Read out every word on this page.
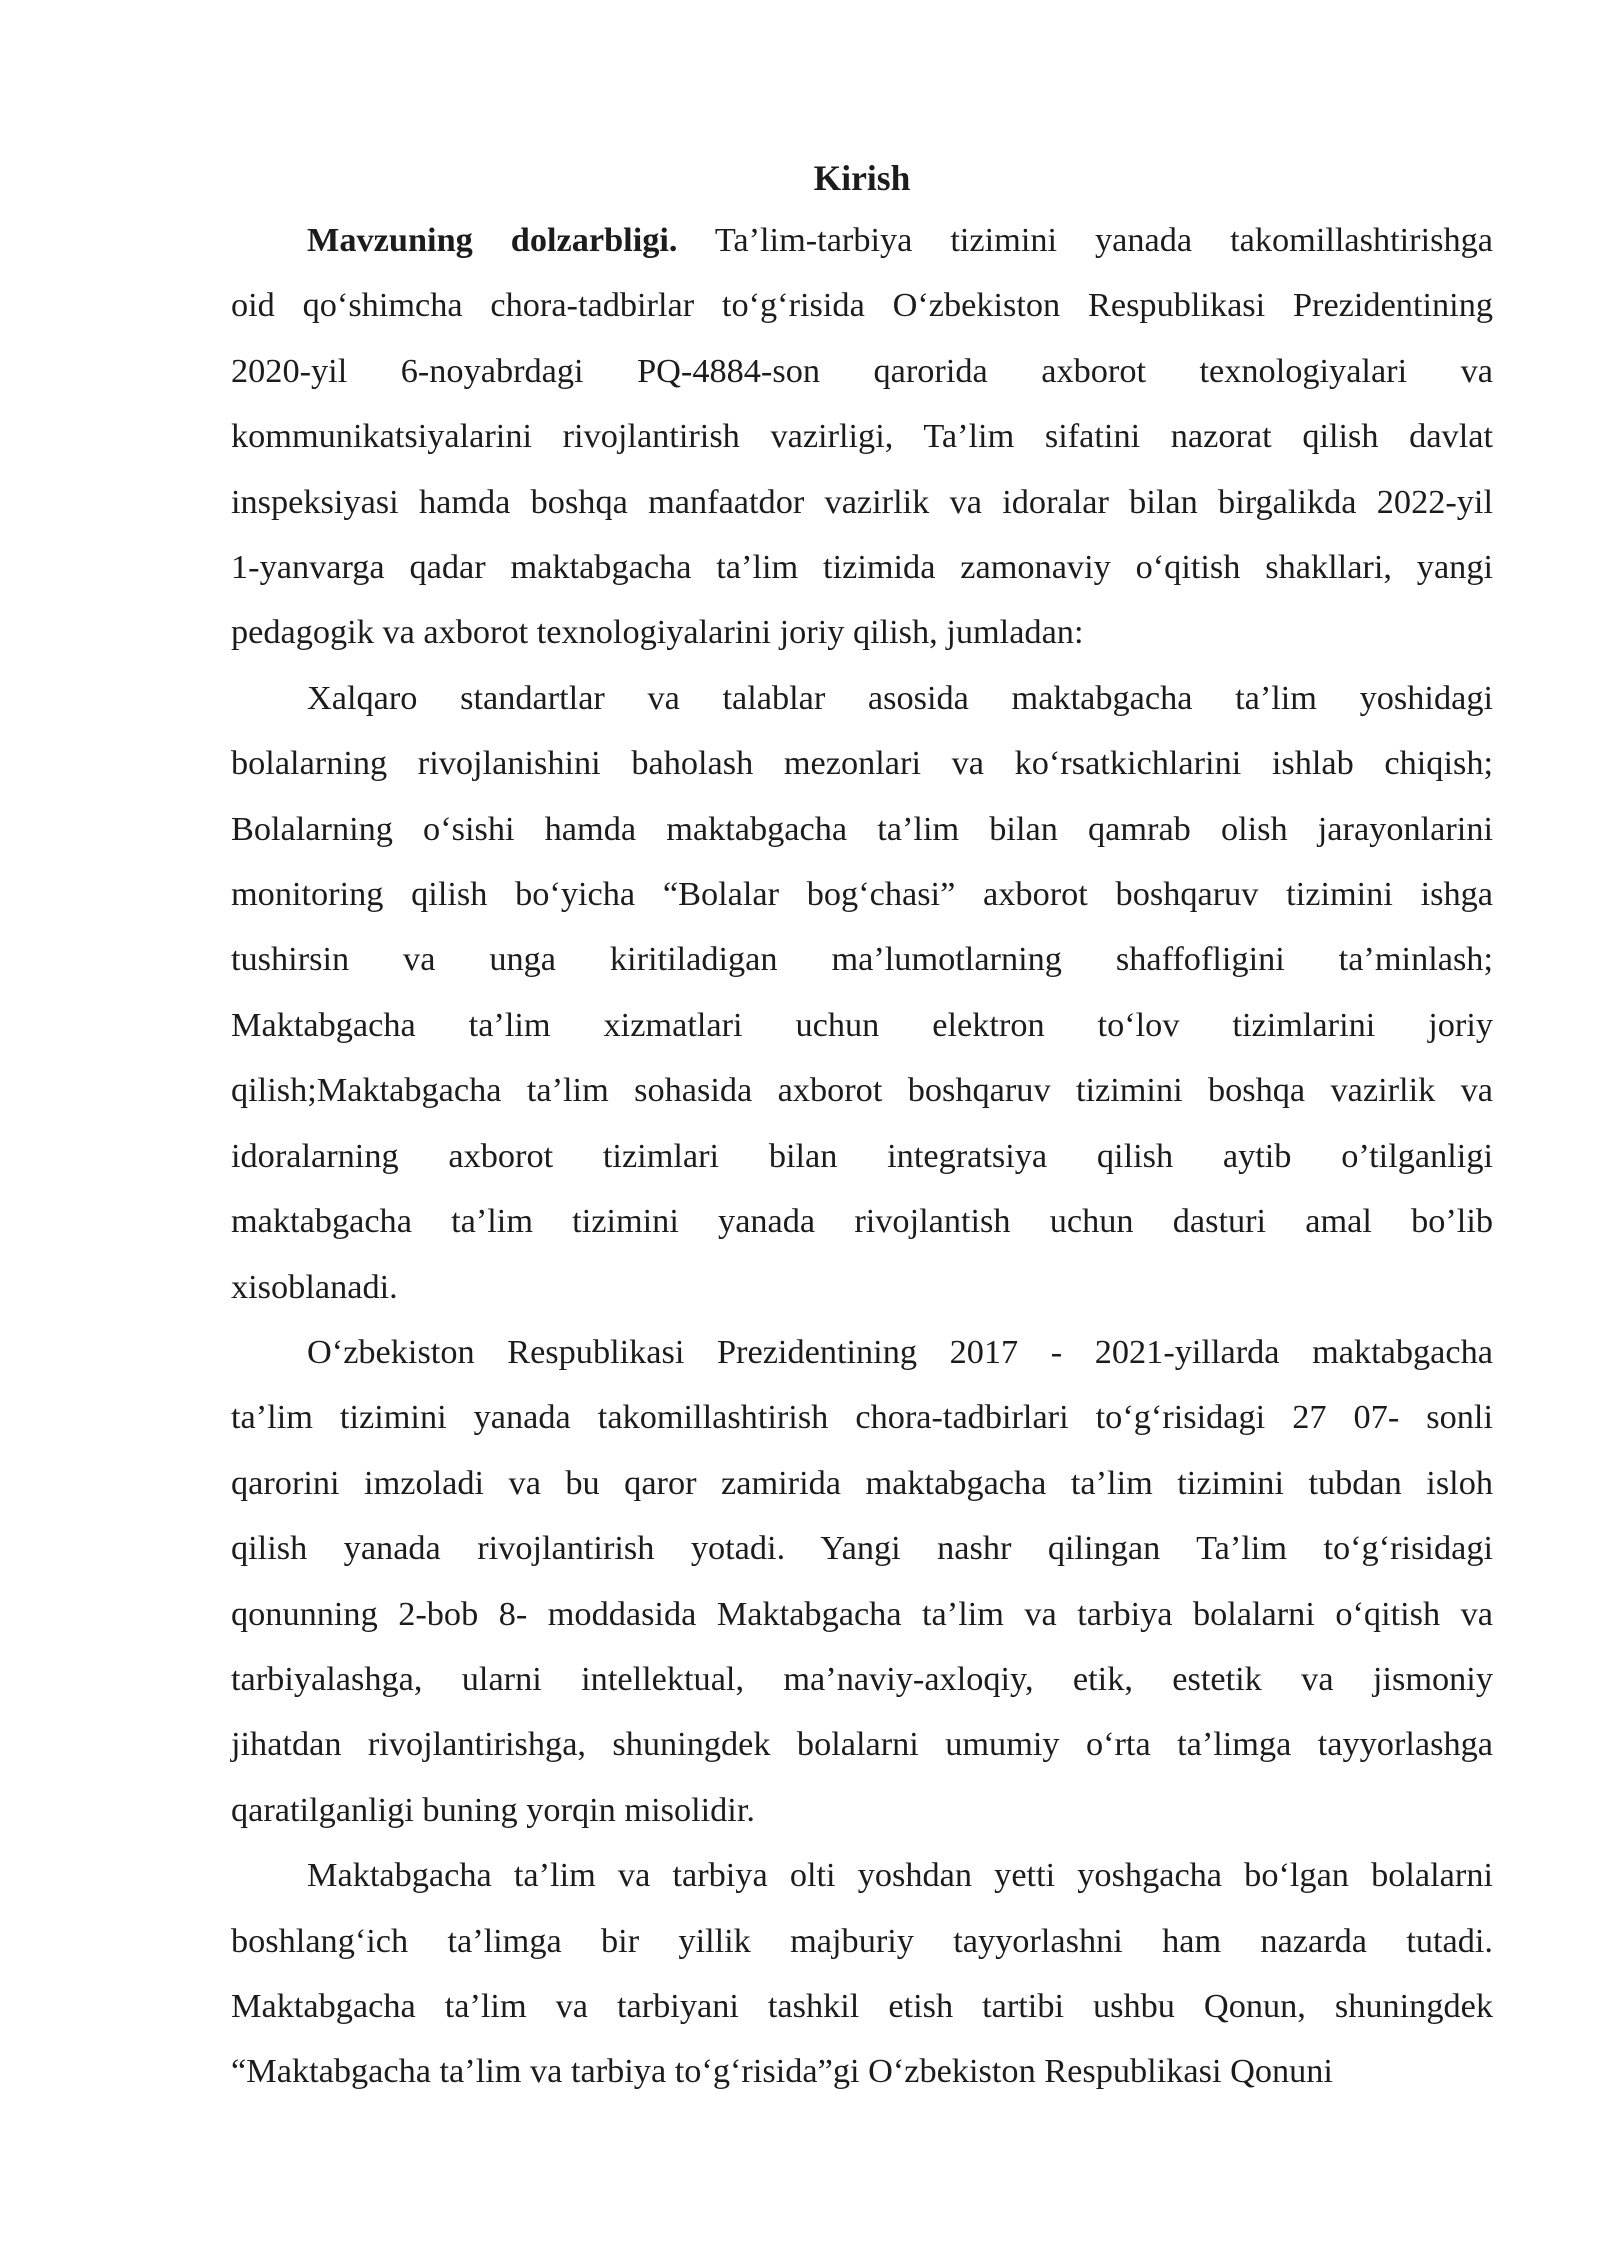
Kirish
Mavzuning dolzarbligi. Ta’lim-tarbiya tizimini yanada takomillashtirishga
oid qo‘shimcha chora-tadbirlar to‘g‘risida O‘zbekiston Respublikasi Prezidentining
2020-yil 6-noyabrdagi PQ-4884-son qarorida axborot texnologiyalari va
kommunikatsiyalarini rivojlantirish vazirligi, Ta’lim sifatini nazorat qilish davlat
inspeksiyasi hamda boshqa manfaatdor vazirlik va idoralar bilan birgalikda 2022-yil
1-yanvarga qadar maktabgacha ta’lim tizimida zamonaviy o‘qitish shakllari, yangi
pedagogik va axborot texnologiyalarini joriy qilish, jumladan:
Xalqaro standartlar va talablar asosida maktabgacha ta’lim yoshidagi
bolalarning rivojlanishini baholash mezonlari va ko‘rsatkichlarini ishlab chiqish;
Bolalarning o‘sishi hamda maktabgacha ta’lim bilan qamrab olish jarayonlarini
monitoring qilish bo‘yicha “Bolalar bog‘chasi” axborot boshqaruv tizimini ishga
tushirsin va unga kiritiladigan ma’lumotlarning shaffofligini ta’minlash;
Maktabgacha ta’lim xizmatlari uchun elektron to‘lov tizimlarini joriy
qilish;Maktabgacha ta’lim sohasida axborot boshqaruv tizimini boshqa vazirlik va
idoralarning axborot tizimlari bilan integratsiya qilish aytib o’tilganligi
maktabgacha ta’lim tizimini yanada rivojlantish uchun dasturi amal bo’lib
xisoblanadi.
O‘zbekiston Respublikasi Prezidentining 2017 - 2021-yillarda maktabgacha
ta’lim tizimini yanada takomillashtirish chora-tadbirlari to‘g‘risidagi 27 07- sonli
qarorini imzoladi va bu qaror zamirida maktabgacha ta’lim tizimini tubdan isloh
qilish yanada rivojlantirish yotadi. Yangi nashr qilingan Ta’lim to‘g‘risidagi
qonunning 2-bob 8- moddasida Maktabgacha ta’lim va tarbiya bolalarni o‘qitish va
tarbiyalashga, ularni intellektual, ma’naviy-axloqiy, etik, estetik va jismoniy
jihatdan rivojlantirishga, shuningdek bolalarni umumiy o‘rta ta’limga tayyorlashga
qaratilganligi buning yorqin misolidir.
Maktabgacha ta’lim va tarbiya olti yoshdan yetti yoshgacha bo‘lgan bolalarni
boshlang‘ich ta’limga bir yillik majburiy tayyorlashni ham nazarda tutadi.
Maktabgacha ta’lim va tarbiyani tashkil etish tartibi ushbu Qonun, shuningdek
“Maktabgacha ta’lim va tarbiya to‘g‘risida”gi O‘zbekiston Respublikasi Qonuni
